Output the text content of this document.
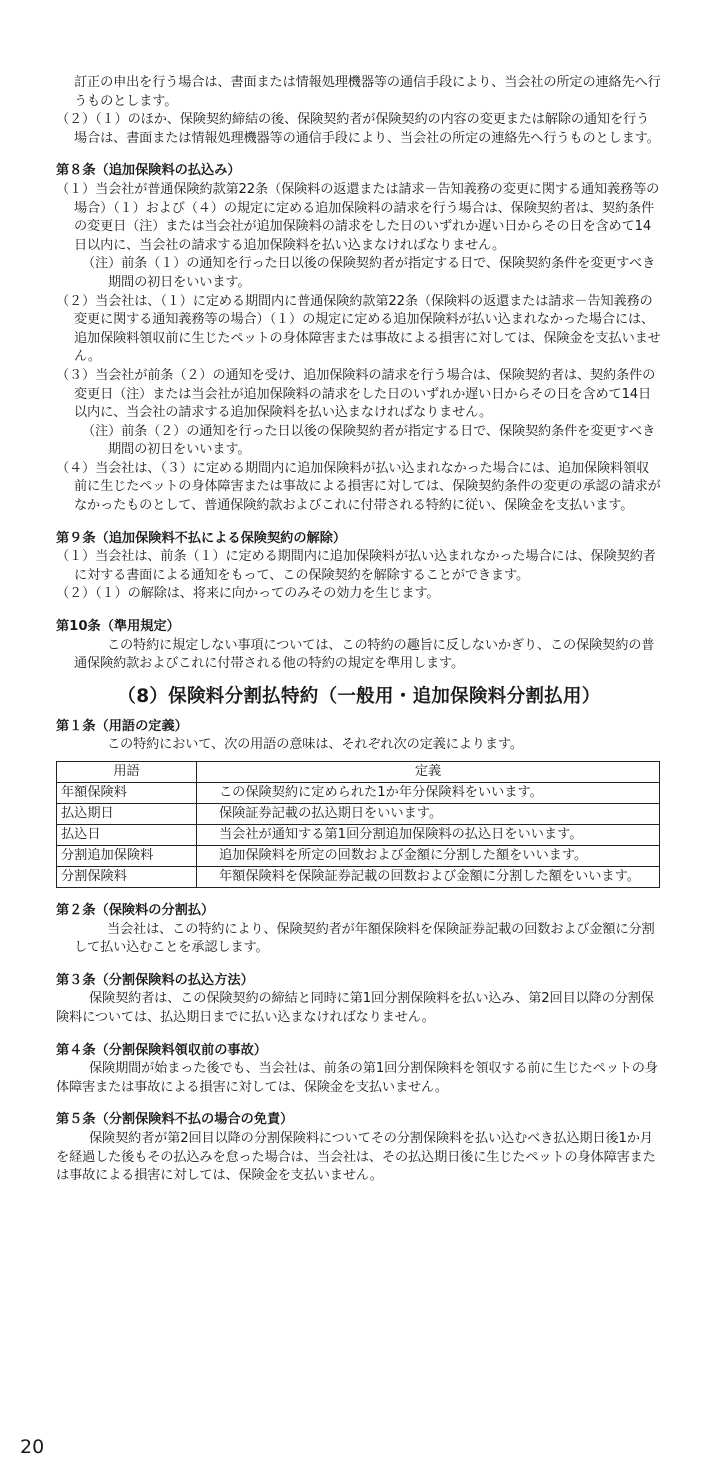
訂正の申出を行う場合は、書面または情報処理機器等の通信手段により、当会社の所定の連絡先へ行うものとします。

（２）（１）のほか、保険契約締結の後、保険契約者が保険契約の内容の変更または解除の通知を行う場合は、書面または情報処理機器等の通信手段により、当会社の所定の連絡先へ行うものとします。

第８条（追加保険料の払込み）

（１）当会社が普通保険約款第22条（保険料の返還または請求－告知義務の変更に関する通知義務等の場合）（１）および（４）の規定に定める追加保険料の請求を行う場合は、保険契約者は、契約条件の変更日（注）または当会社が追加保険料の請求をした日のいずれか遅い日からその日を含めて14日以内に、当会社の請求する追加保険料を払い込まなければなりません。

（注）前条（１）の通知を行った日以後の保険契約者が指定する日で、保険契約条件を変更すべき期間の初日をいいます。

（２）当会社は、（１）に定める期間内に普通保険約款第22条（保険料の返還または請求－告知義務の変更に関する通知義務等の場合）（１）の規定に定める追加保険料が払い込まれなかった場合には、追加保険料領収前に生じたペットの身体障害または事故による損害に対しては、保険金を支払いません。

（３）当会社が前条（２）の通知を受け、追加保険料の請求を行う場合は、保険契約者は、契約条件の変更日（注）または当会社が追加保険料の請求をした日のいずれか遅い日からその日を含めて14日以内に、当会社の請求する追加保険料を払い込まなければなりません。

（注）前条（２）の通知を行った日以後の保険契約者が指定する日で、保険契約条件を変更すべき期間の初日をいいます。

（４）当会社は、（３）に定める期間内に追加保険料が払い込まれなかった場合には、追加保険料領収前に生じたペットの身体障害または事故による損害に対しては、保険契約条件の変更の承認の請求がなかったものとして、普通保険約款およびこれに付帯される特約に従い、保険金を支払います。

第９条（追加保険料不払による保険契約の解除）

（１）当会社は、前条（１）に定める期間内に追加保険料が払い込まれなかった場合には、保険契約者に対する書面による通知をもって、この保険契約を解除することができます。

（２）（１）の解除は、将来に向かってのみその効力を生じます。

第10条（準用規定）

この特約に規定しない事項については、この特約の趣旨に反しないかぎり、この保険契約の普通保険約款およびこれに付帯される他の特約の規定を準用します。

（8）保険料分割払特約（一般用・追加保険料分割払用）

第１条（用語の定義）

この特約において、次の用語の意味は、それぞれ次の定義によります。

用語	定義
年額保険料	この保険契約に定められた1か年分保険料をいいます。
払込期日	保険証券記載の払込期日をいいます。
払込日	当会社が通知する第1回分割追加保険料の払込日をいいます。
分割追加保険料	追加保険料を所定の回数および金額に分割した額をいいます。
分割保険料	年額保険料を保険証券記載の回数および金額に分割した額をいいます。

第２条（保険料の分割払）

当会社は、この特約により、保険契約者が年額保険料を保険証券記載の回数および金額に分割して払い込むことを承認します。

第３条（分割保険料の払込方法）

保険契約者は、この保険契約の締結と同時に第1回分割保険料を払い込み、第2回目以降の分割保険料については、払込期日までに払い込まなければなりません。

第４条（分割保険料領収前の事故）

保険期間が始まった後でも、当会社は、前条の第1回分割保険料を領収する前に生じたペットの身体障害または事故による損害に対しては、保険金を支払いません。

第５条（分割保険料不払の場合の免責）

保険契約者が第2回目以降の分割保険料についてその分割保険料を払い込むべき払込期日後1か月を経過した後もその払込みを怠った場合は、当会社は、その払込期日後に生じたペットの身体障害または事故による損害に対しては、保険金を支払いません。

20
